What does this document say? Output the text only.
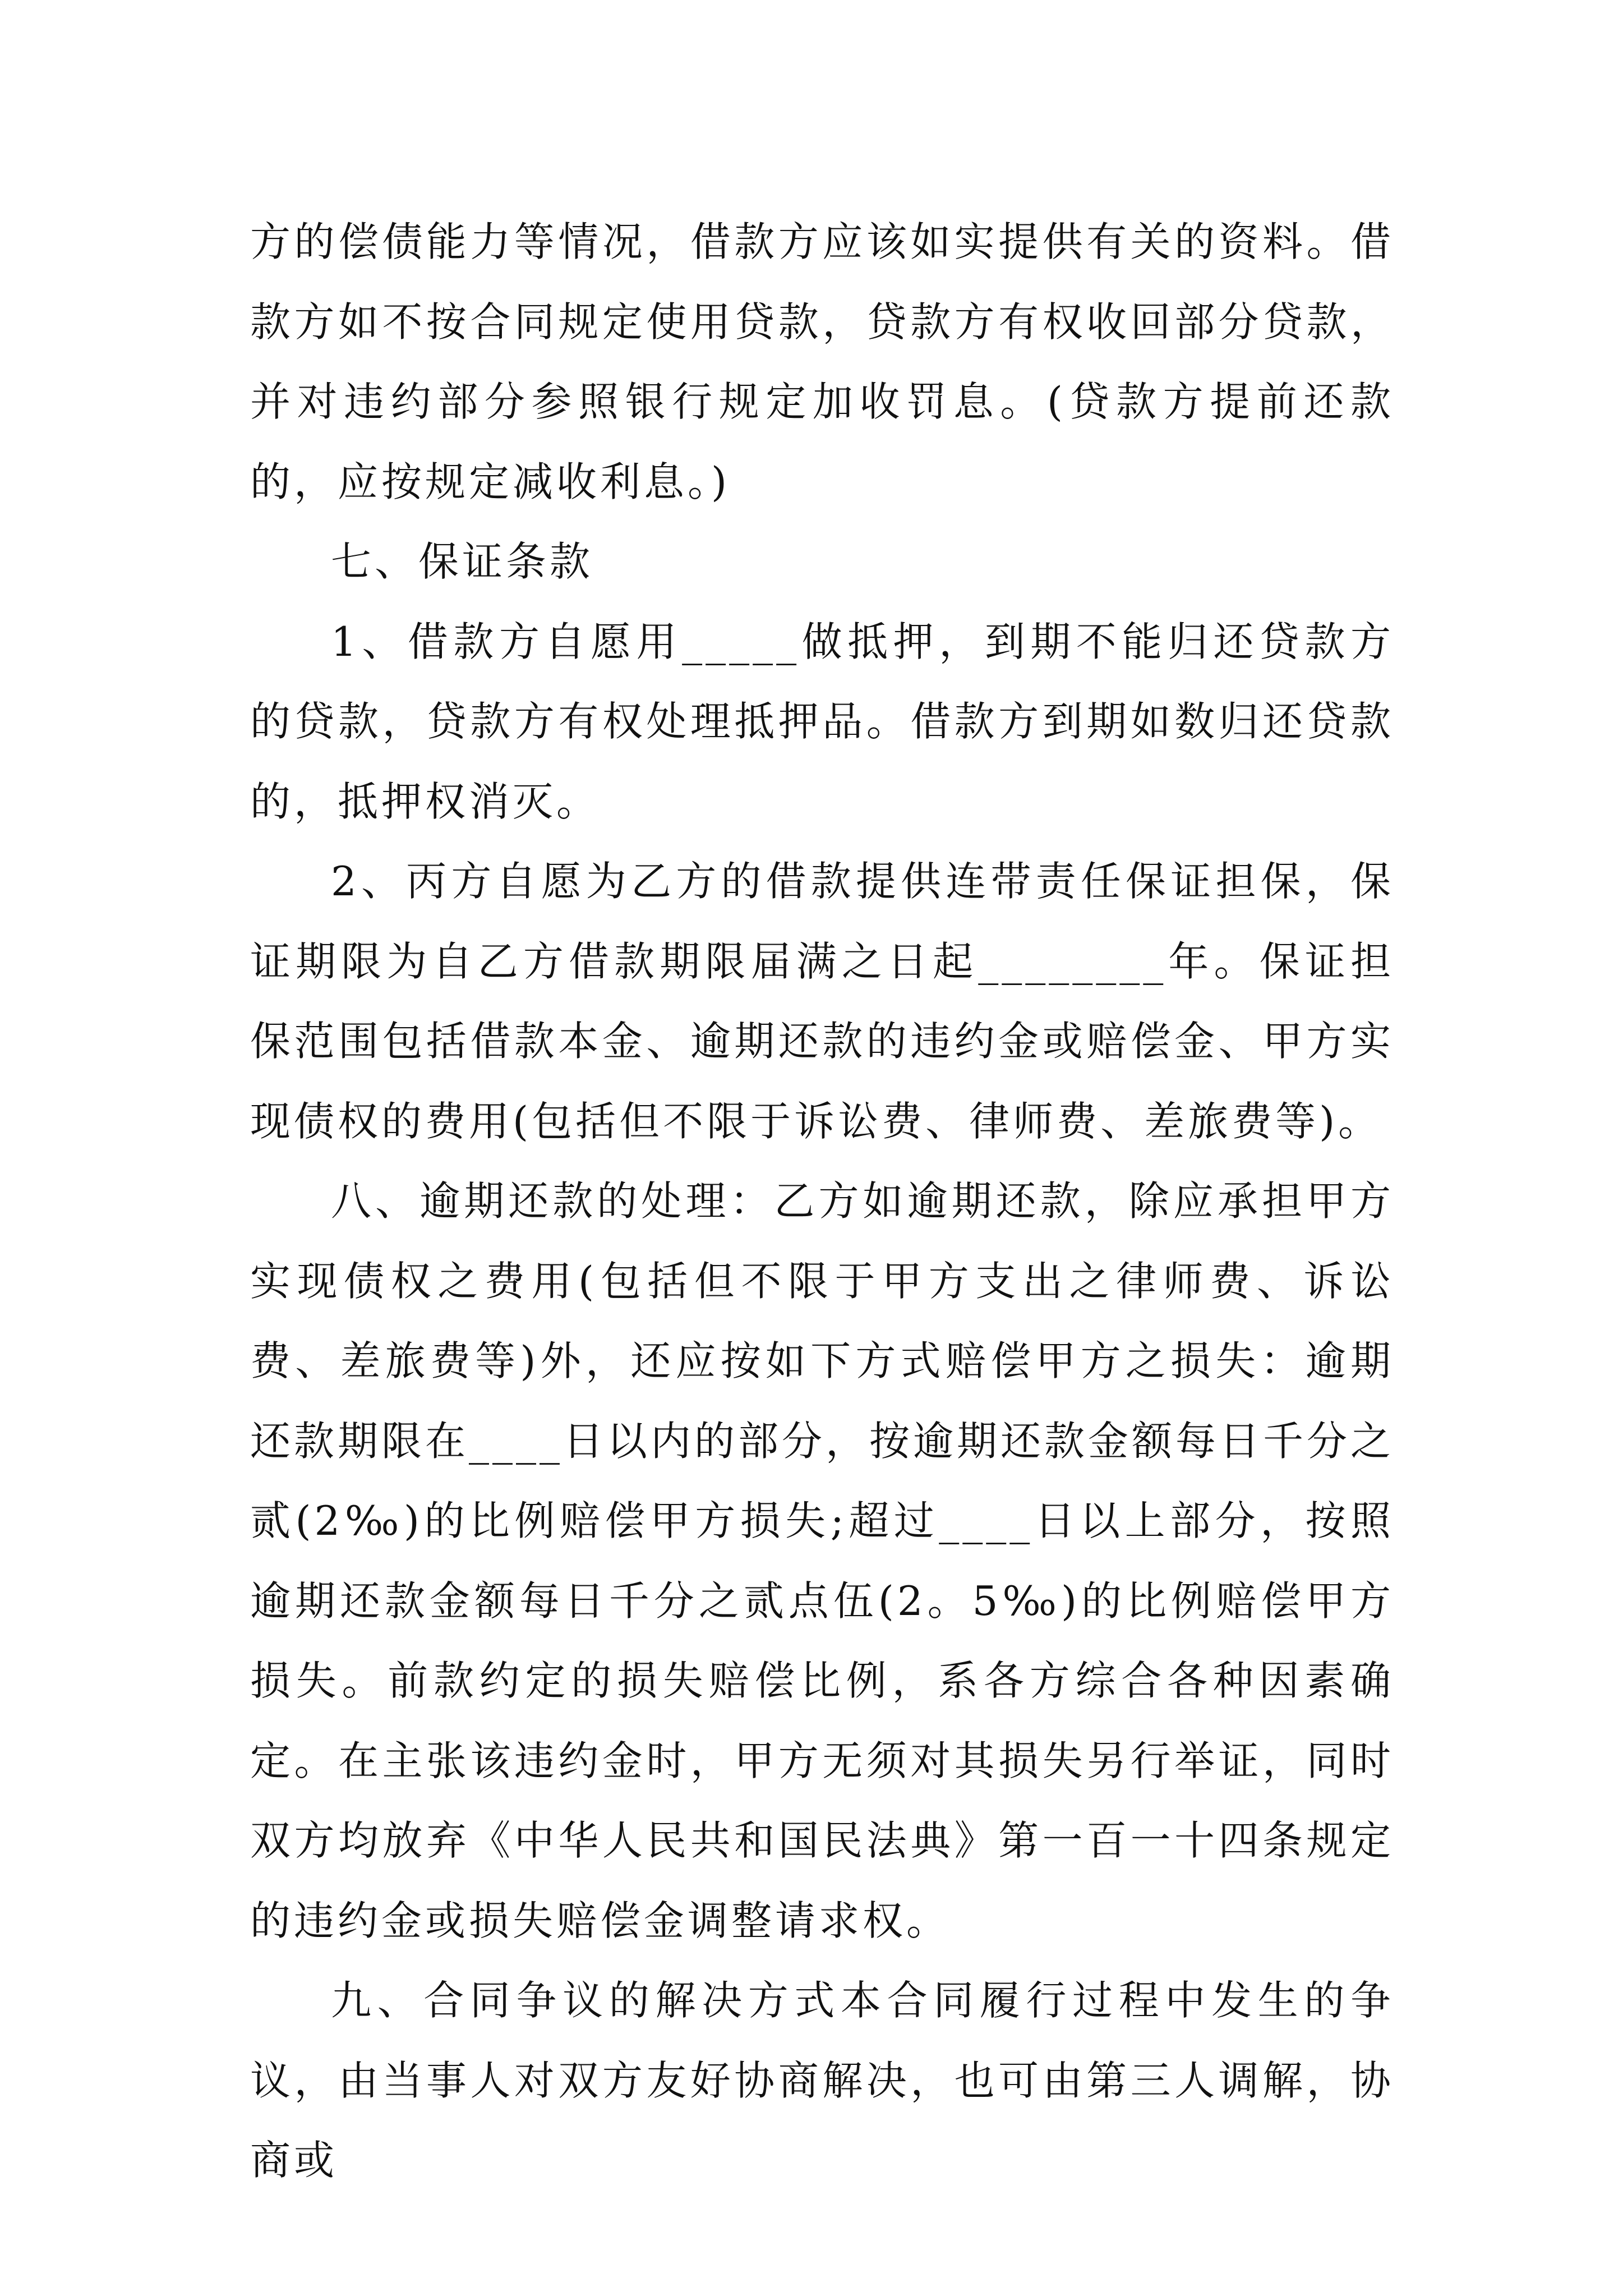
方的偿债能力等情况，借款方应该如实提供有关的资料。借款方如不按合同规定使用贷款，贷款方有权收回部分贷款，并对违约部分参照银行规定加收罚息。(贷款方提前还款的，应按规定减收利息。)

七、保证条款

1、借款方自愿用_____做抵押，到期不能归还贷款方的贷款，贷款方有权处理抵押品。借款方到期如数归还贷款的，抵押权消灭。

2、丙方自愿为乙方的借款提供连带责任保证担保，保证期限为自乙方借款期限届满之日起________年。保证担保范围包括借款本金、逾期还款的违约金或赔偿金、甲方实现债权的费用(包括但不限于诉讼费、律师费、差旅费等)。

八、逾期还款的处理：乙方如逾期还款，除应承担甲方实现债权之费用(包括但不限于甲方支出之律师费、诉讼费、差旅费等)外，还应按如下方式赔偿甲方之损失：逾期还款期限在____日以内的部分，按逾期还款金额每日千分之贰(2‰)的比例赔偿甲方损失;超过____日以上部分，按照逾期还款金额每日千分之贰点伍(2。5‰)的比例赔偿甲方损失。前款约定的损失赔偿比例，系各方综合各种因素确定。在主张该违约金时，甲方无须对其损失另行举证，同时双方均放弃《中华人民共和国民法典》第一百一十四条规定的违约金或损失赔偿金调整请求权。

九、合同争议的解决方式本合同履行过程中发生的争议，由当事人对双方友好协商解决，也可由第三人调解，协商或
